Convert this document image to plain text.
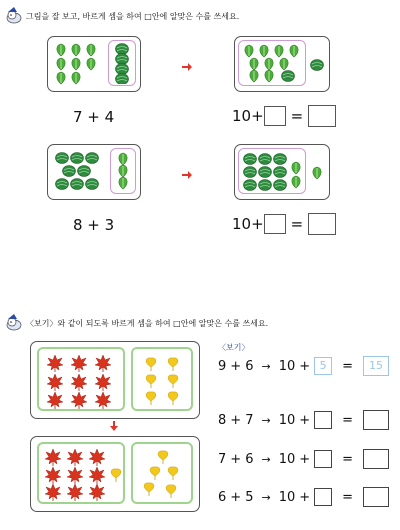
그림을 잘 보고, 바르게 셈을 하여 □안에 알맞은 수를 쓰세요.
7 + 4	10+ =
8 + 3	10+ =
〈보기〉와 같이 되도록 바르게 셈을 하여 □안에 알맞은 수를 쓰세요.
〈보기〉
9 + 6 → 10 + 5	=	15
8 + 7 → 10 + =
7 + 6 → 10 + =
6 + 5 → 10 + =
